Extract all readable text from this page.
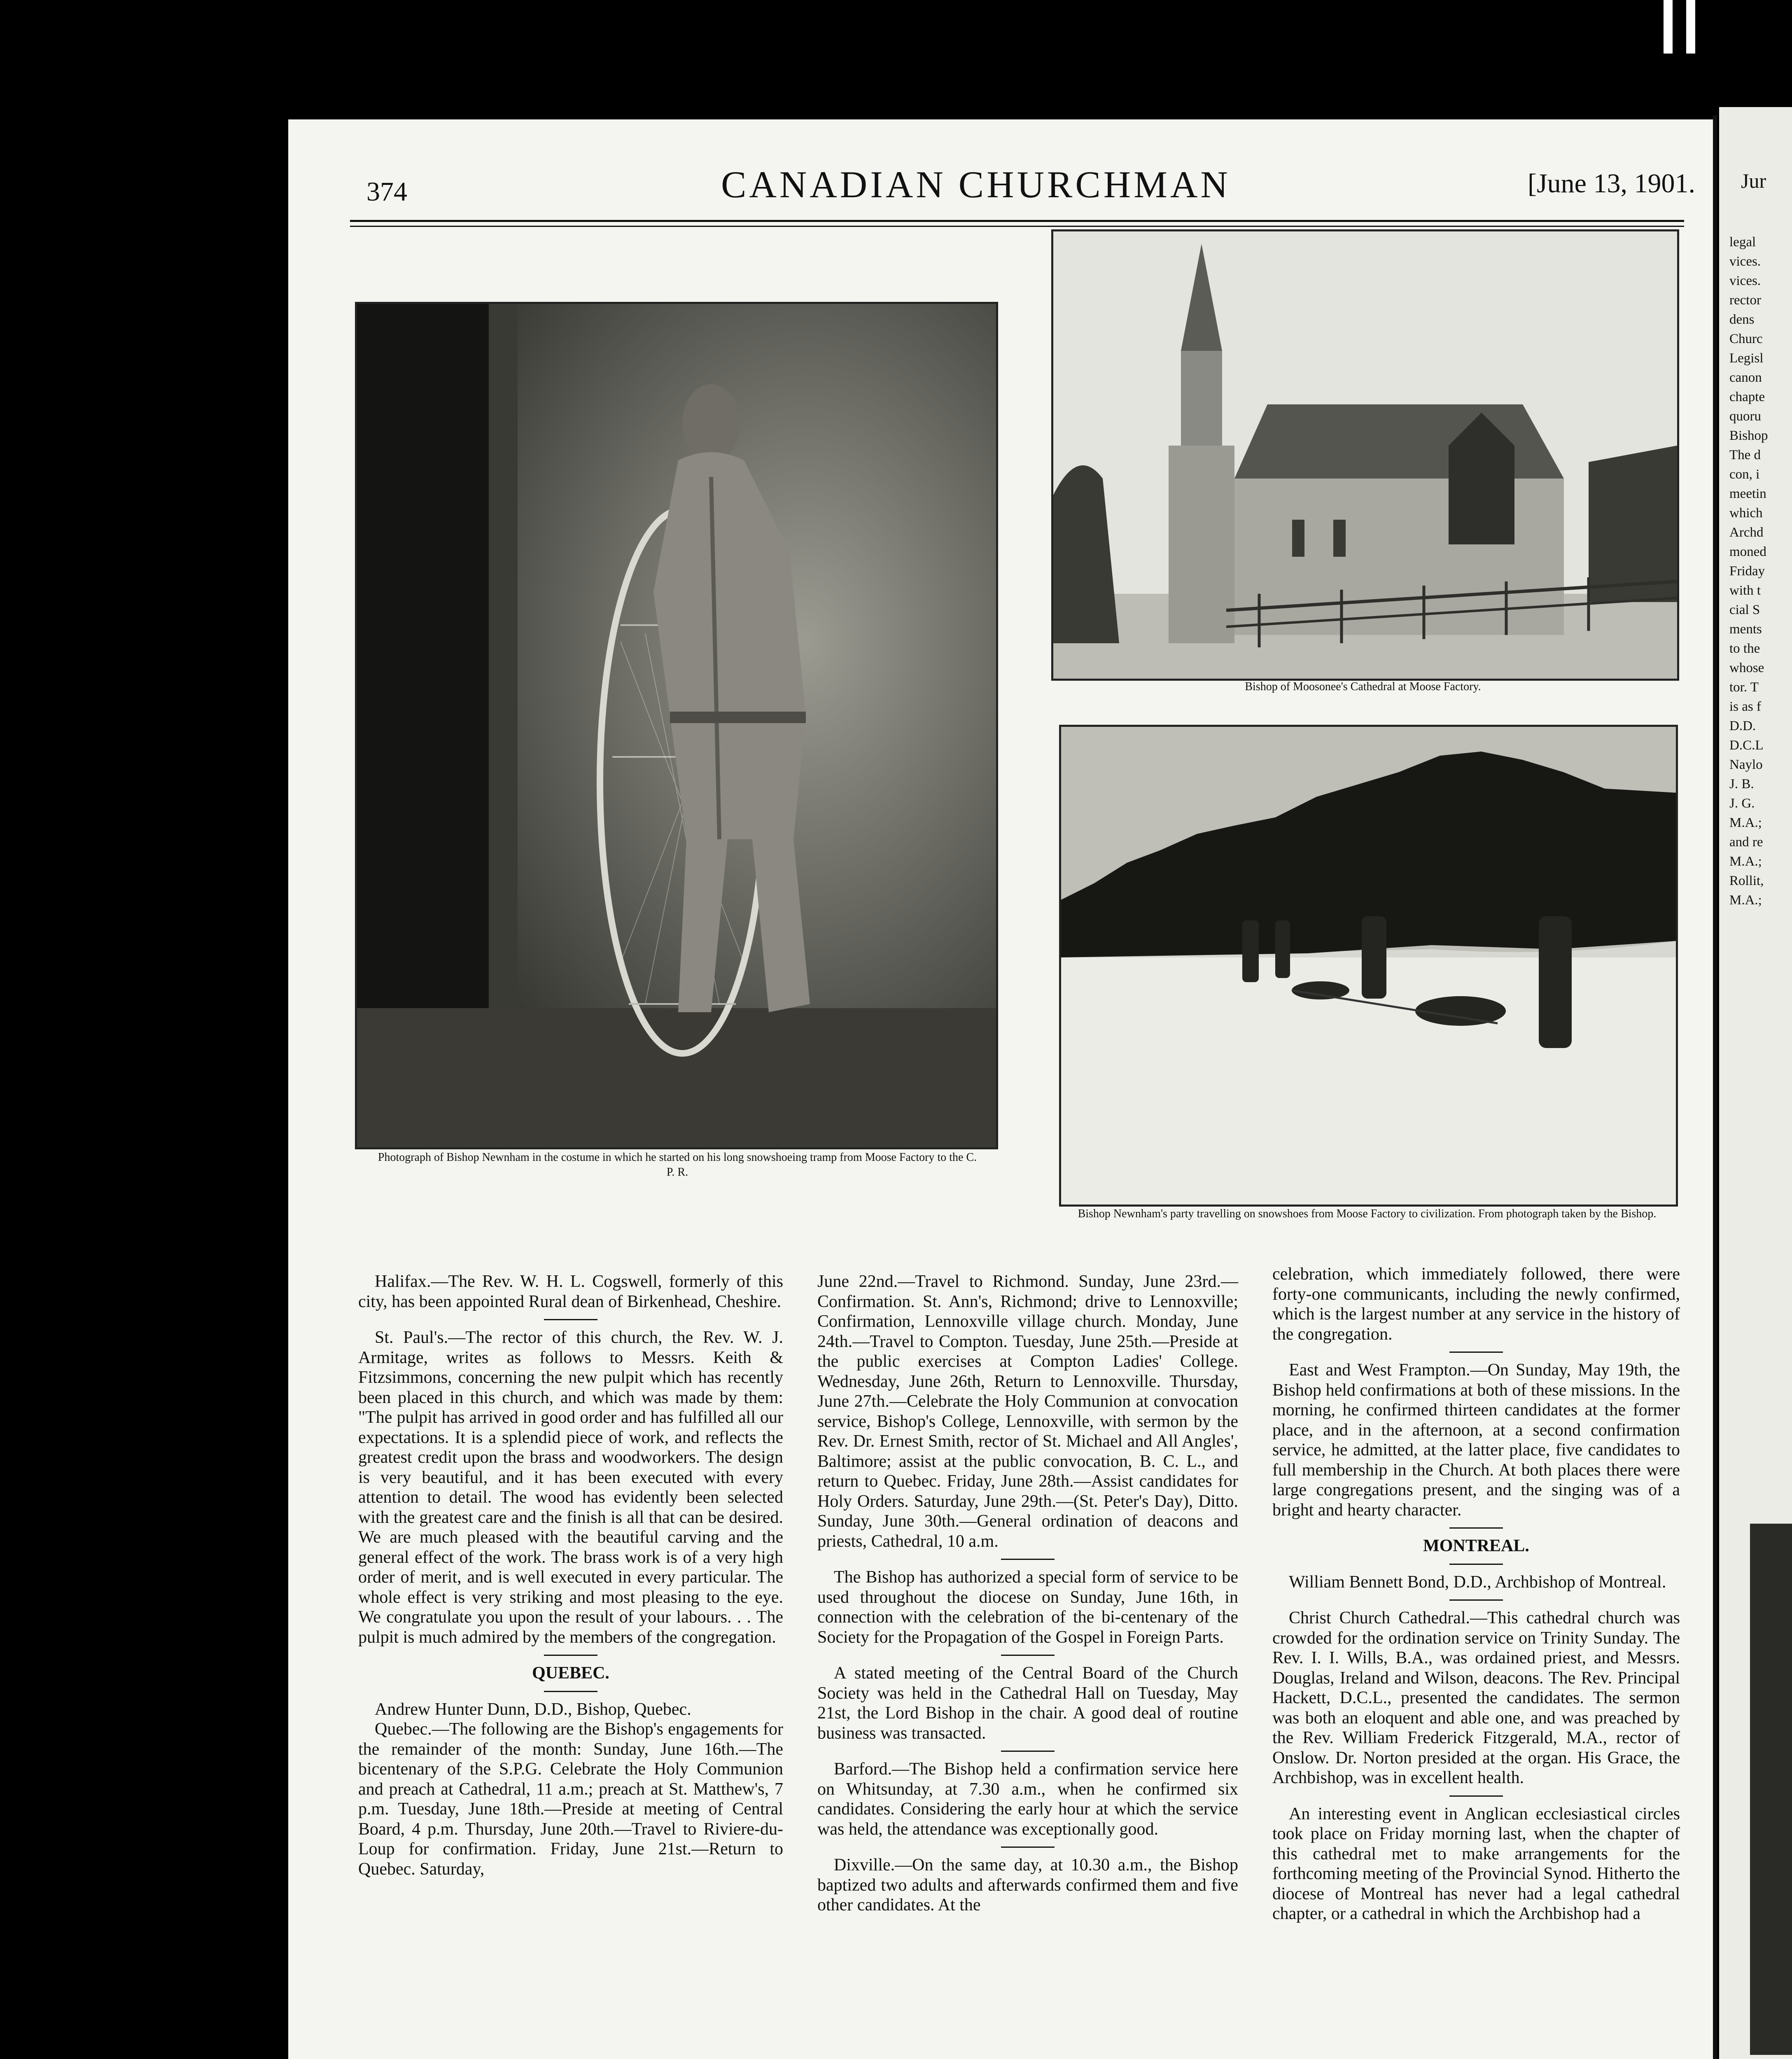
374	CANADIAN CHURCHMAN	[June 13, 1901.
Photograph of Bishop Newnham in the costume in which he started on his long snowshoeing tramp from Moose Factory to the C. P. R.
Bishop of Moosonee's Cathedral at Moose Factory.
Bishop Newnham's party travelling on snowshoes from Moose Factory to civilization. From photograph taken by the Bishop.

Halifax.—The Rev. W. H. L. Cogswell, formerly of this city, has been appointed Rural dean of Birkenhead, Cheshire.

St. Paul's.—The rector of this church, the Rev. W. J. Armitage, writes as follows to Messrs. Keith & Fitzsimmons, concerning the new pulpit which has recently been placed in this church, and which was made by them: "The pulpit has arrived in good order and has fulfilled all our expectations. It is a splendid piece of work, and reflects the greatest credit upon the brass and woodworkers. The design is very beautiful, and it has been executed with every attention to detail. The wood has evidently been selected with the greatest care and the finish is all that can be desired. We are much pleased with the beautiful carving and the general effect of the work. The brass work is of a very high order of merit, and is well executed in every particular. The whole effect is very striking and most pleasing to the eye. We congratulate you upon the result of your labours. . . The pulpit is much admired by the members of the congregation.

QUEBEC.

Andrew Hunter Dunn, D.D., Bishop, Quebec.

Quebec.—The following are the Bishop's engagements for the remainder of the month: Sunday, June 16th.—The bicentenary of the S.P.G. Celebrate the Holy Communion and preach at Cathedral, 11 a.m.; preach at St. Matthew's, 7 p.m. Tuesday, June 18th.—Preside at meeting of Central Board, 4 p.m. Thursday, June 20th.—Travel to Riviere-du-Loup for confirmation. Friday, June 21st.—Return to Quebec. Saturday,

June 22nd.—Travel to Richmond. Sunday, June 23rd.—Confirmation. St. Ann's, Richmond; drive to Lennoxville; Confirmation, Lennoxville village church. Monday, June 24th.—Travel to Compton. Tuesday, June 25th.—Preside at the public exercises at Compton Ladies' College. Wednesday, June 26th, Return to Lennoxville. Thursday, June 27th.—Celebrate the Holy Communion at convocation service, Bishop's College, Lennoxville, with sermon by the Rev. Dr. Ernest Smith, rector of St. Michael and All Angles', Baltimore; assist at the public convocation, B. C. L., and return to Quebec. Friday, June 28th.—Assist candidates for Holy Orders. Saturday, June 29th.—(St. Peter's Day), Ditto. Sunday, June 30th.—General ordination of deacons and priests, Cathedral, 10 a.m.

The Bishop has authorized a special form of service to be used throughout the diocese on Sunday, June 16th, in connection with the celebration of the bi-centenary of the Society for the Propagation of the Gospel in Foreign Parts.

A stated meeting of the Central Board of the Church Society was held in the Cathedral Hall on Tuesday, May 21st, the Lord Bishop in the chair. A good deal of routine business was transacted.

Barford.—The Bishop held a confirmation service here on Whitsunday, at 7.30 a.m., when he confirmed six candidates. Considering the early hour at which the service was held, the attendance was exceptionally good.

Dixville.—On the same day, at 10.30 a.m., the Bishop baptized two adults and afterwards confirmed them and five other candidates. At the

celebration, which immediately followed, there were forty-one communicants, including the newly confirmed, which is the largest number at any service in the history of the congregation.

East and West Frampton.—On Sunday, May 19th, the Bishop held confirmations at both of these missions. In the morning, he confirmed thirteen candidates at the former place, and in the afternoon, at a second confirmation service, he admitted, at the latter place, five candidates to full membership in the Church. At both places there were large congregations present, and the singing was of a bright and hearty character.

MONTREAL.

William Bennett Bond, D.D., Archbishop of Montreal.

Christ Church Cathedral.—This cathedral church was crowded for the ordination service on Trinity Sunday. The Rev. I. I. Wills, B.A., was ordained priest, and Messrs. Douglas, Ireland and Wilson, deacons. The Rev. Principal Hackett, D.C.L., presented the candidates. The sermon was both an eloquent and able one, and was preached by the Rev. William Frederick Fitzgerald, M.A., rector of Onslow. Dr. Norton presided at the organ. His Grace, the Archbishop, was in excellent health.

An interesting event in Anglican ecclesiastical circles took place on Friday morning last, when the chapter of this cathedral met to make arrangements for the forthcoming meeting of the Provincial Synod. Hitherto the diocese of Montreal has never had a legal cathedral chapter, or a cathedral in which the Archbishop had a

legal
vices.
vices.
rector
dens
Churc
Legisl
canon
chapte
quoru
Bishop
The d
con, i
meetin
which
Archd
moned
Friday
with t
cial S
ments
to the
whose
tor. T
is as f
D.D.
D.C.L
Naylo
J. B.
J. G.
M.A.;
and re
M.A.;
Rollit,
M.A.;
Jur
